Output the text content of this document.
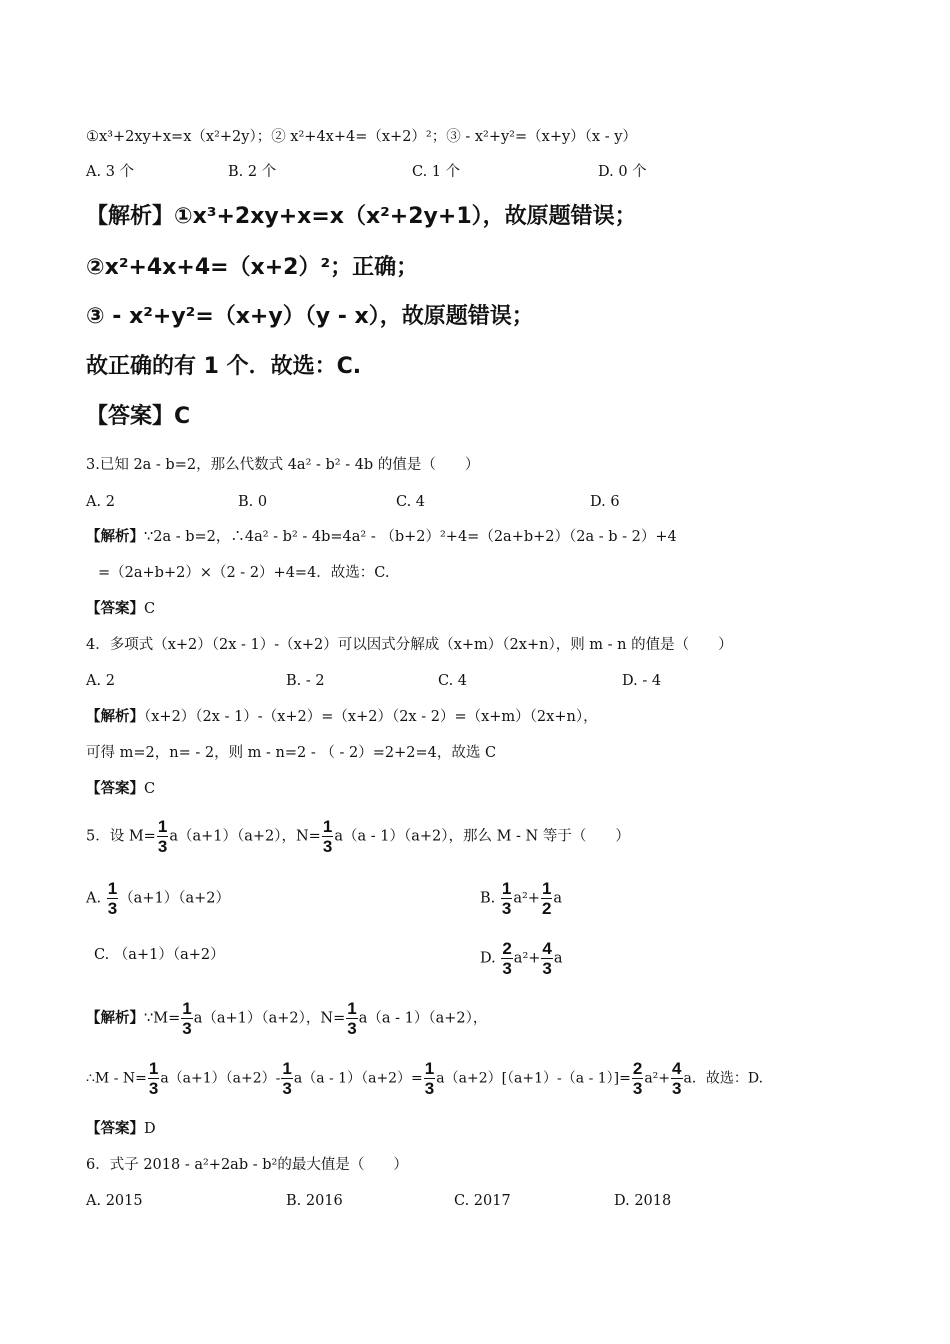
①x³+2xy+x=x（x²+2y）；② x²+4x+4=（x+2）²；③ - x²+y²=（x+y）（x - y）
A. 3 个	B. 2 个	C. 1 个	D. 0 个
【解析】①x³+2xy+x=x（x²+2y+1），故原题错误；
②x²+4x+4=（x+2）²；正确；
③ - x²+y²=（x+y）（y - x），故原题错误；
故正确的有 1 个．故选：C.
【答案】C
3.已知 2a - b=2，那么代数式 4a² - b² - 4b 的值是（　　）
A. 2	B. 0	C. 4	D. 6
【解析】∵2a - b=2，∴4a² - b² - 4b=4a² - （b+2）²+4=（2a+b+2）（2a - b - 2）+4
=（2a+b+2）×（2 - 2）+4=4．故选：C.
【答案】C
4．多项式（x+2）（2x - 1）-（x+2）可以因式分解成（x+m）（2x+n），则 m - n 的值是（　　）
A. 2	B. - 2	C. 4	D. - 4
【解析】（x+2）（2x - 1）-（x+2）=（x+2）（2x - 2）=（x+m）（2x+n），
可得 m=2，n= - 2，则 m - n=2 - （ - 2）=2+2=4，故选 C
【答案】C
5．设 $M= \frac{1}{3} a(a+1)(a+2)$，$N= \frac{1}{3} a(a - 1)(a+2)$，那么 M - N 等于（　　）
A. $\frac{1}{3} (a+1)(a+2)$	B. $\frac{1}{3} a^2+ \frac{1}{2}$ a
C. （a+1）（a+2）	D. $\frac{2}{3} a^2+ \frac{4}{3}$ a
【解析】∵M= $\frac{1}{3} a(a+1)(a+2)$，$N= \frac{1}{3} a(a - 1)(a+2)$，
∴M - $N= \frac{1}{3} a(a+1)(a+2)- \frac{1}{3} a(a - 1)(a+2)= \frac{1}{3} a(a+2)[(a+1)-(a - 1)]= \frac{2}{3} a^2+ \frac{4}{3}$ a．故选：D.
【答案】D
6．式子 2018 - a²+2ab - b²的最大值是（　　）
A. 2015	B. 2016	C. 2017	D. 2018
